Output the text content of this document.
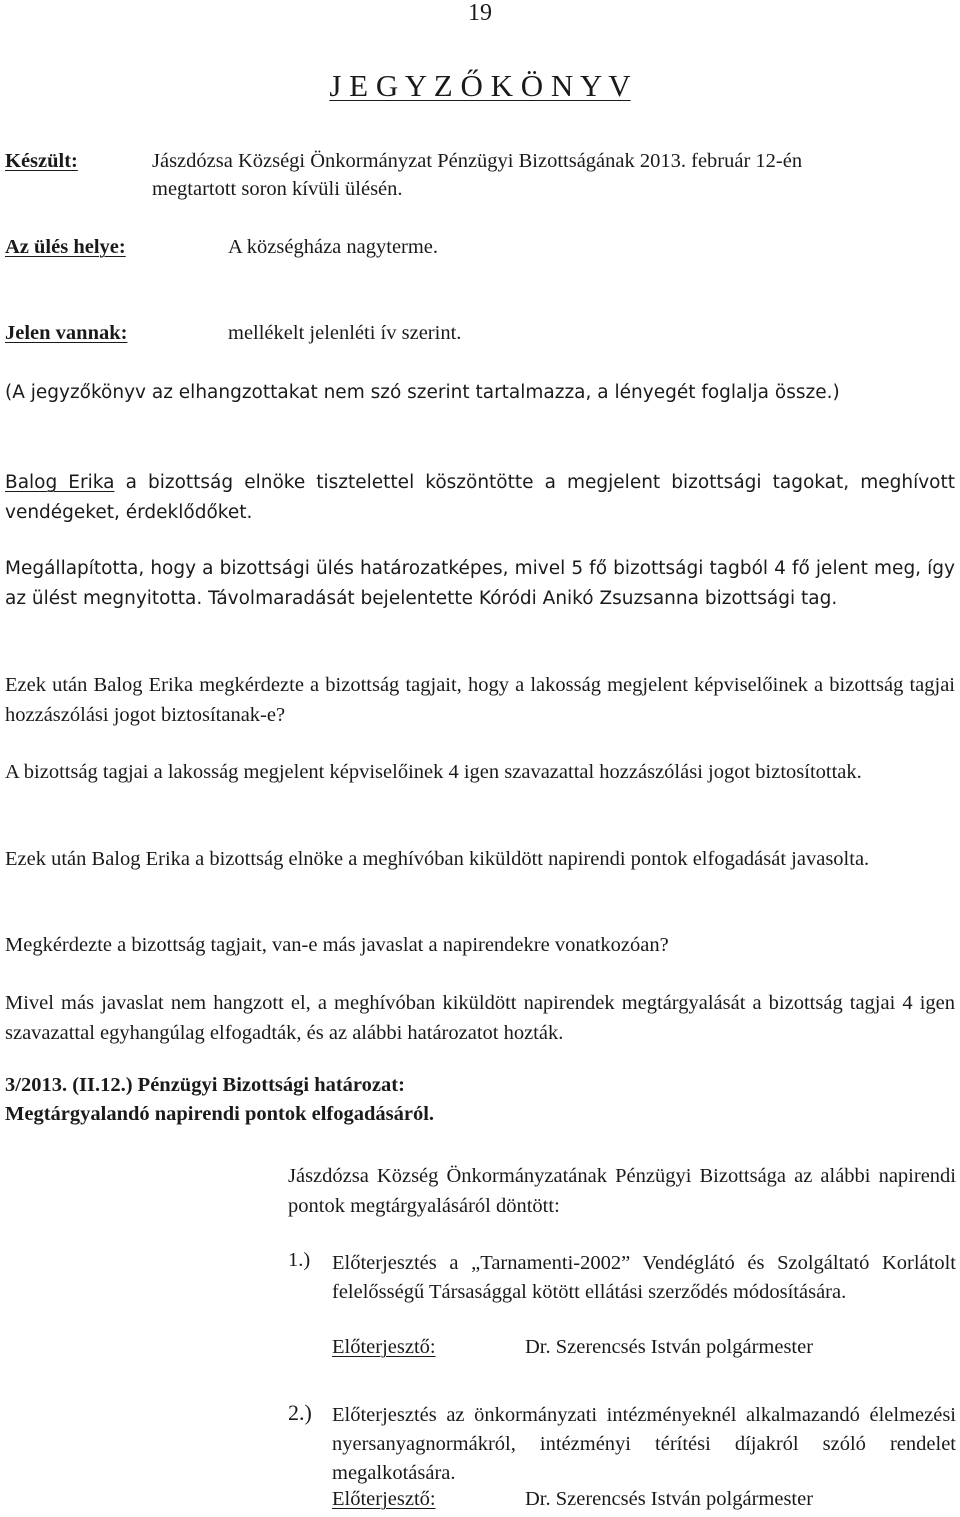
19
J E G Y Z Ő K Ö N Y V
Készült:	Jászdózsa Községi Önkormányzat Pénzügyi Bizottságának 2013. február 12-én
megtartott soron kívüli ülésén.
Az ülés helye:	A községháza nagyterme.
Jelen vannak:	mellékelt jelenléti ív szerint.
(A jegyzőkönyv az elhangzottakat nem szó szerint tartalmazza, a lényegét foglalja össze.)
Balog Erika a bizottság elnöke tisztelettel köszöntötte a megjelent bizottsági tagokat, meghívott vendégeket, érdeklődőket.
Megállapította, hogy a bizottsági ülés határozatképes, mivel 5 fő bizottsági tagból 4 fő jelent meg, így az ülést megnyitotta. Távolmaradását bejelentette Kóródi Anikó Zsuzsanna bizottsági tag.
Ezek után Balog Erika megkérdezte a bizottság tagjait, hogy a lakosság megjelent képviselőinek a bizottság tagjai hozzászólási jogot biztosítanak-e?
A bizottság tagjai a lakosság megjelent képviselőinek 4 igen szavazattal hozzászólási jogot biztosítottak.
Ezek után Balog Erika a bizottság elnöke a meghívóban kiküldött napirendi pontok elfogadását javasolta.
Megkérdezte a bizottság tagjait, van-e más javaslat a napirendekre vonatkozóan?
Mivel más javaslat nem hangzott el, a meghívóban kiküldött napirendek megtárgyalását a bizottság tagjai 4 igen szavazattal egyhangúlag elfogadták, és az alábbi határozatot hozták.
3/2013. (II.12.) Pénzügyi Bizottsági határozat:
Megtárgyalandó napirendi pontok elfogadásáról.
Jászdózsa Község Önkormányzatának Pénzügyi Bizottsága az alábbi napirendi pontok megtárgyalásáról döntött:
1.) Előterjesztés a „Tarnamenti-2002” Vendéglátó és Szolgáltató Korlátolt felelősségű Társasággal kötött ellátási szerződés módosítására.
Előterjesztő:	Dr. Szerencsés István polgármester
2.) Előterjesztés az önkormányzati intézményeknél alkalmazandó élelmezési nyersanyagnormákról, intézményi térítési díjakról szóló rendelet megalkotására.
Előterjesztő:	Dr. Szerencsés István polgármester
